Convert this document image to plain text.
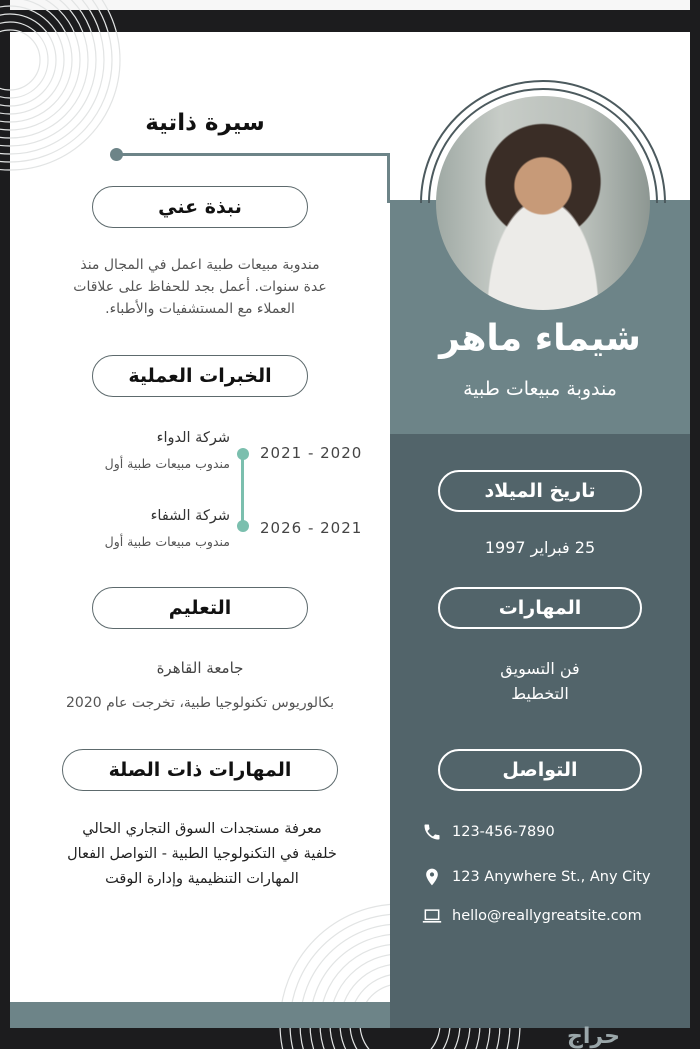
سيرة ذاتية
شيماء ماهر
مندوبة مبيعات طبية
نبذة عني
مندوبة مبيعات طبية اعمل في المجال منذ
عدة سنوات. أعمل بجد للحفاظ على علاقات
العملاء مع المستشفيات والأطباء.
الخبرات العملية
2021 - 2020
شركة الدواء
مندوب مبيعات طبية أول
2026 - 2021
شركة الشفاء
مندوب مبيعات طبية أول
التعليم
جامعة القاهرة
بكالوريوس تكنولوجيا طبية، تخرجت عام 2020
المهارات ذات الصلة
معرفة مستجدات السوق التجاري الحالي
خلفية في التكنولوجيا الطبية - التواصل الفعال
المهارات التنظيمية وإدارة الوقت
تاريخ الميلاد
25 فبراير 1997
المهارات
فن التسويق
التخطيط
التواصل
123-456-7890
123 Anywhere St., Any City
hello@reallygreatsite.com
حراج
